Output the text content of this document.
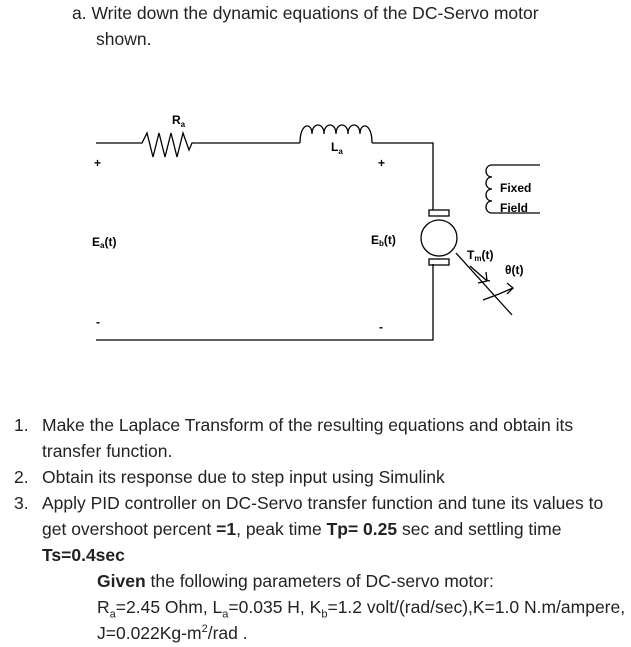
a. Write down the dynamic equations of the DC-Servo motor
shown.
$R_a$
$L_a$
+
Ea(t)
-
+
Eb(t)
-
Fixed
Field
Tm(t)
θ(t)
1. Make the Laplace Transform of the resulting equations and obtain its transfer function.
2. Obtain its response due to step input using Simulink
3. Apply PID controller on DC-Servo transfer function and tune its values to get overshoot percent =1, peak time Tp= 0.25 sec and settling time Ts=0.4sec
Given the following parameters of DC-servo motor:
$R_a=2.45$ Ohm, $L_a=0.035$ H, $K_b=1.2$ volt/(rad/sec),K=1.0 N.m/ampere, $J=0.022Kg-m^2$/rad .
